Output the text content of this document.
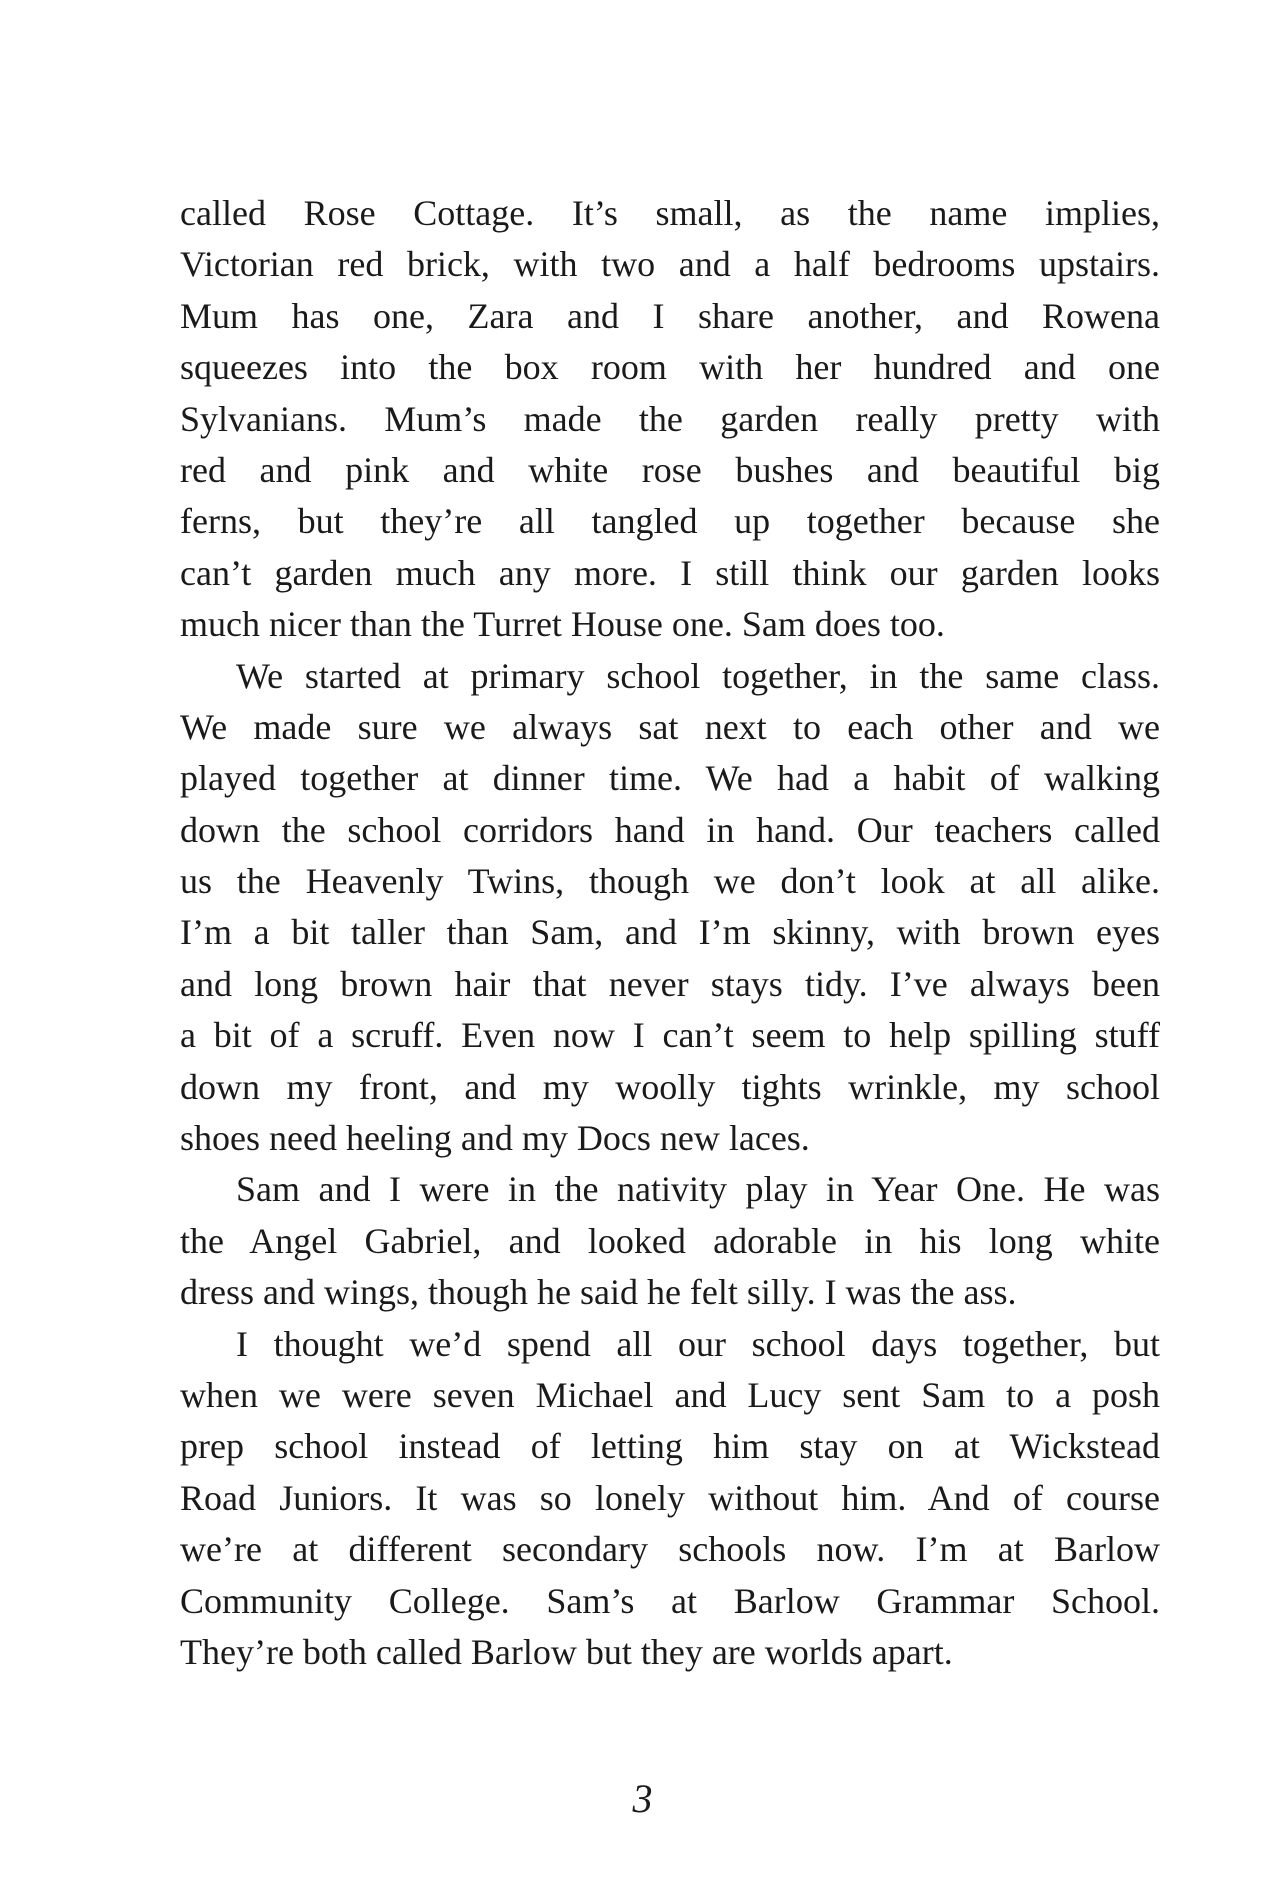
called Rose Cottage. It’s small, as the name implies,
Victorian red brick, with two and a half bedrooms upstairs.
Mum has one, Zara and I share another, and Rowena
squeezes into the box room with her hundred and one
Sylvanians. Mum’s made the garden really pretty with
red and pink and white rose bushes and beautiful big
ferns, but they’re all tangled up together because she
can’t garden much any more. I still think our garden looks
much nicer than the Turret House one. Sam does too.
We started at primary school together, in the same class.
We made sure we always sat next to each other and we
played together at dinner time. We had a habit of walking
down the school corridors hand in hand. Our teachers called
us the Heavenly Twins, though we don’t look at all alike.
I’m a bit taller than Sam, and I’m skinny, with brown eyes
and long brown hair that never stays tidy. I’ve always been
a bit of a scruff. Even now I can’t seem to help spilling stuff
down my front, and my woolly tights wrinkle, my school
shoes need heeling and my Docs new laces.
Sam and I were in the nativity play in Year One. He was
the Angel Gabriel, and looked adorable in his long white
dress and wings, though he said he felt silly. I was the ass.
I thought we’d spend all our school days together, but
when we were seven Michael and Lucy sent Sam to a posh
prep school instead of letting him stay on at Wickstead
Road Juniors. It was so lonely without him. And of course
we’re at different secondary schools now. I’m at Barlow
Community College. Sam’s at Barlow Grammar School.
They’re both called Barlow but they are worlds apart.
3
